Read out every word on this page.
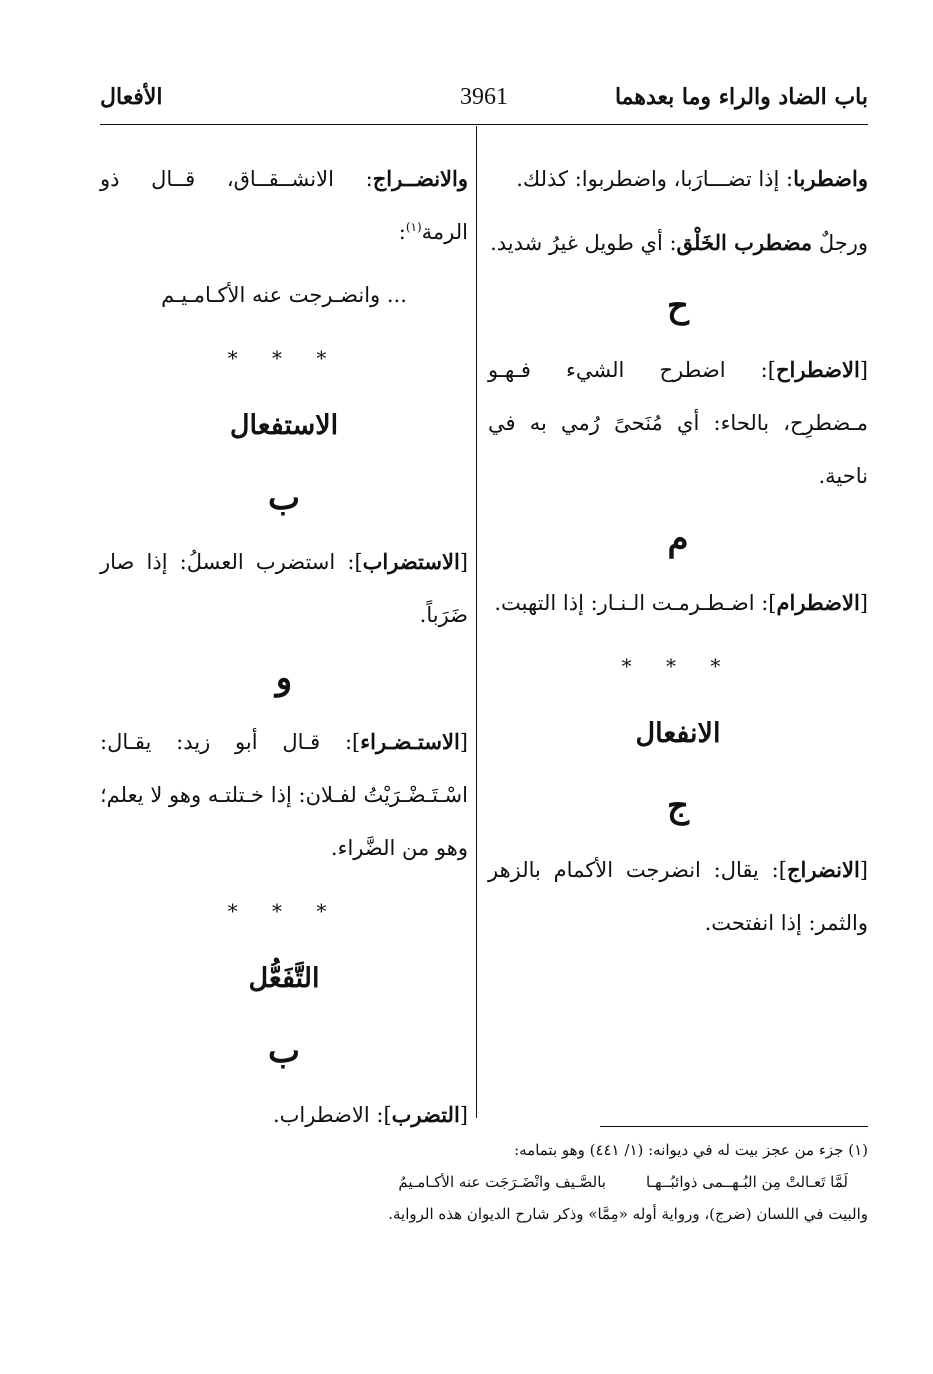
باب الضاد والراء وما بعدهما
3961
الأفعال

واضطربا: إذا تضـــارَبا، واضطربوا: كذلك.

ورجلٌ مضطرب الخَلْق: أي طويل غيرُ شديد.

ح

[الاضطراح]: اضطرح الشيء فـهـو مـضطرِح، بالحاء: أي مُنَحىً رُمي به في ناحية.

م

[الاضطرام]: اضـطـرمـت الـنـار: إذا التهبت.

* * *
الانفعال
ج

[الانضراج]: يقال: انضرجت الأكمام بالزهر والثمر: إذا انفتحت.

والانضــراج: الانشــقــاق، قــال ذو الرمة$^{(١)}$:

... وانضـرجت عنه الأكـامـيـم

* * *
الاستفعال
ب

[الاستضراب]: استضرب العسلُ: إذا صار ضَرَباً.

و

[الاستـضـراء]: قـال أبو زيد: يقـال: اسْـتَـضْـرَيْتُ لفـلان: إذا خـتلتـه وهو لا يعلم؛ وهو من الضَّراء.

* * *
التَّفَعُّل
ب

[التضرب]: الاضطراب.

(١) جزء من عجز بيت له في ديوانه: (١/ ٤٤١) وهو بتمامه:

لَمَّا تَعـالتْ مِن البُـهــمى ذوائبُــهـا
بالصَّـيف وانْضَـرَجَت عنه الأكـامـيمُ

والبيت في اللسان (ضرج)، ورواية أوله «مِمَّا» وذكر شارح الديوان هذه الرواية.
